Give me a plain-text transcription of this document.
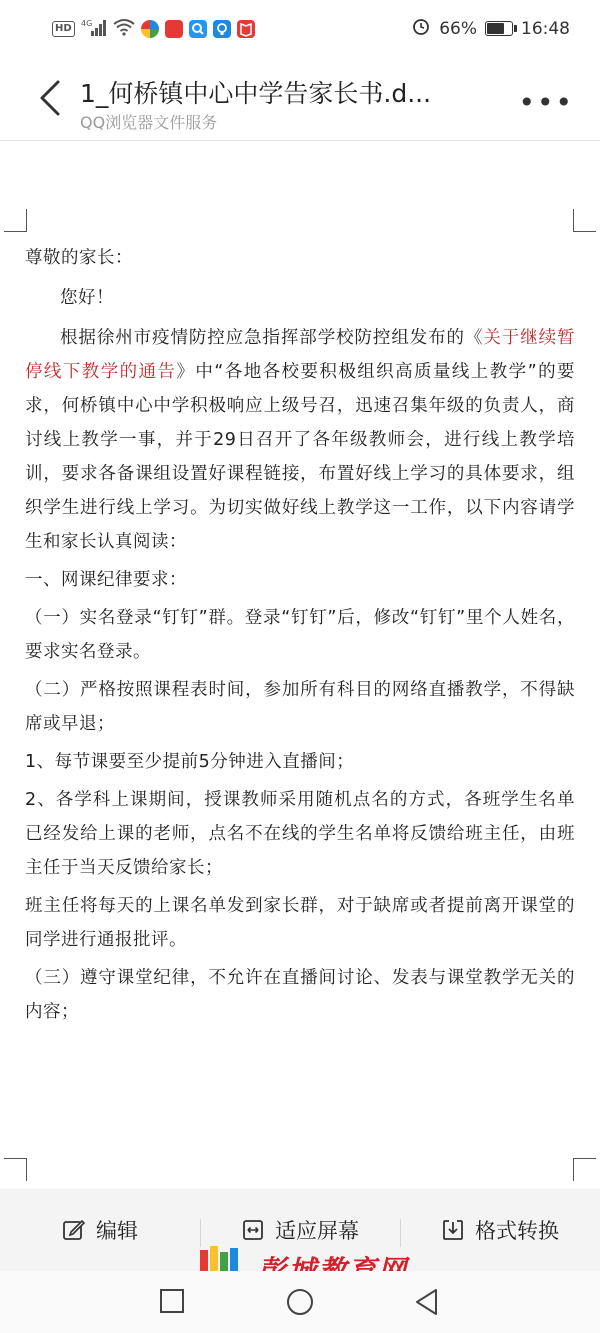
HD	4G	66%	16:48
1_何桥镇中心中学告家长书.d...
QQ浏览器文件服务
•••

尊敬的家长：

您好！

根据徐州市疫情防控应急指挥部学校防控组发布的《关于继续暂停线下教学的通告》中“各地各校要积极组织高质量线上教学”的要求，何桥镇中心中学积极响应上级号召，迅速召集年级的负责人，商讨线上教学一事，并于29日召开了各年级教师会，进行线上教学培训，要求各备课组设置好课程链接，布置好线上学习的具体要求，组织学生进行线上学习。为切实做好线上教学这一工作，以下内容请学生和家长认真阅读：

一、网课纪律要求：

（一）实名登录“钉钉”群。登录“钉钉”后，修改“钉钉”里个人姓名，要求实名登录。

（二）严格按照课程表时间，参加所有科目的网络直播教学，不得缺席或早退；

1、每节课要至少提前5分钟进入直播间；

2、各学科上课期间，授课教师采用随机点名的方式，各班学生名单已经发给上课的老师，点名不在线的学生名单将反馈给班主任，由班主任于当天反馈给家长；

班主任将每天的上课名单发到家长群，对于缺席或者提前离开课堂的同学进行通报批评。

（三）遵守课堂纪律，不允许在直播间讨论、发表与课堂教学无关的内容；

编辑	适应屏幕	格式转换
